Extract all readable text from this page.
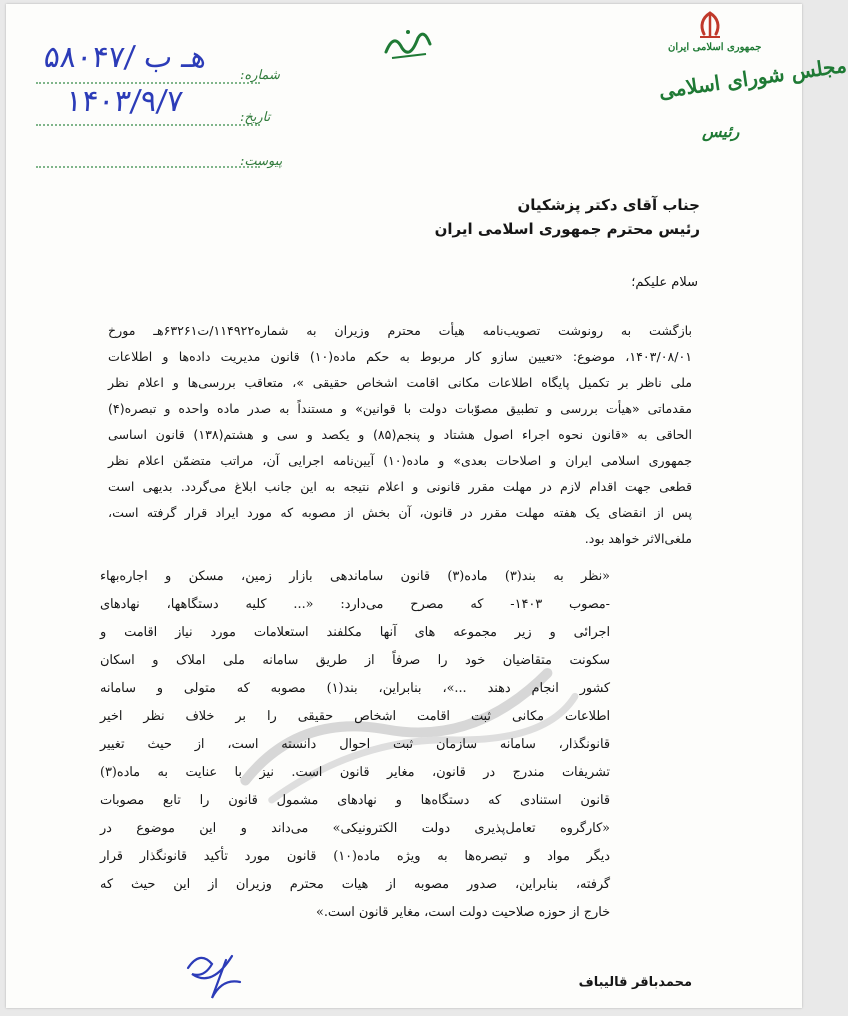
شماره:
۵۸۰۴۷/ هـ ب
تاریخ:
۱۴۰۳/۹/۷
پیوست:
جمهوری اسلامی ایران
مجلس شورای اسلامی
رئیس
جناب آقای دکتر پزشکیان
رئیس محترم جمهوری اسلامی ایران
سلام علیکم؛
بازگشت به رونوشت تصویب‌نامه هیأت محترم وزیران به شماره۱۱۴۹۲۲/ت۶۳۲۶۱هـ مورخ
۱۴۰۳/۰۸/۰۱، موضوع: «تعیین سازو کار مربوط به حکم ماده(۱۰) قانون مدیریت داده‌ها و اطلاعات
ملی ناظر بر تکمیل پایگاه اطلاعات مکانی اقامت اشخاص حقیقی »، متعاقب بررسی‌ها و اعلام نظر
مقدماتی «هیأت بررسی و تطبیق مصوّبات دولت با قوانین» و مستنداً به صدر ماده واحده و تبصره(۴)
الحاقی به «قانون نحوه اجراء اصول هشتاد و پنجم(۸۵) و یکصد و سی و هشتم(۱۳۸) قانون اساسی
جمهوری اسلامی ایران و اصلاحات بعدی» و ماده(۱۰) آیین‌نامه اجرایی آن، مراتب متضمّن اعلام نظر
قطعی جهت اقدام لازم در مهلت مقرر قانونی و اعلام نتیجه به این جانب ابلاغ می‌گردد. بدیهی است
پس از انقضای یک هفته مهلت مقرر در قانون، آن بخش از مصوبه که مورد ایراد قرار گرفته است،
ملغی‌الاثر خواهد بود.
«نظر به بند(۳) ماده(۳) قانون ساماندهی بازار زمین، مسکن و اجاره‌بهاء
-مصوب ۱۴۰۳- که مصرح می‌دارد: «... کلیه دستگاهها، نهادهای
اجرائی و زیر مجموعه های آنها مکلفند استعلامات مورد نیاز اقامت و
سکونت متقاضیان خود را صرفاً از طریق سامانه ملی املاک و اسکان
کشور انجام دهند ...»، بنابراین، بند(۱) مصوبه که متولی و سامانه
اطلاعات مکانی ثبت اقامت اشخاص حقیقی را بر خلاف نظر اخیر
قانونگذار، سامانه سازمان ثبت احوال دانسته است، از حیث تغییر
تشریفات مندرج در قانون، مغایر قانون است. نیز با عنایت به ماده(۳)
قانون استنادی که دستگاه‌ها و نهادهای مشمول قانون را تابع مصوبات
«کارگروه تعامل‌پذیری دولت الکترونیکی» می‌داند و این موضوع در
دیگر مواد و تبصره‌ها به ویژه ماده(۱۰) قانون مورد تأکید قانونگذار قرار
گرفته، بنابراین، صدور مصوبه از هیات محترم وزیران از این حیث که
خارج از حوزه صلاحیت دولت است، مغایر قانون است.»
محمدباقر قالیباف
